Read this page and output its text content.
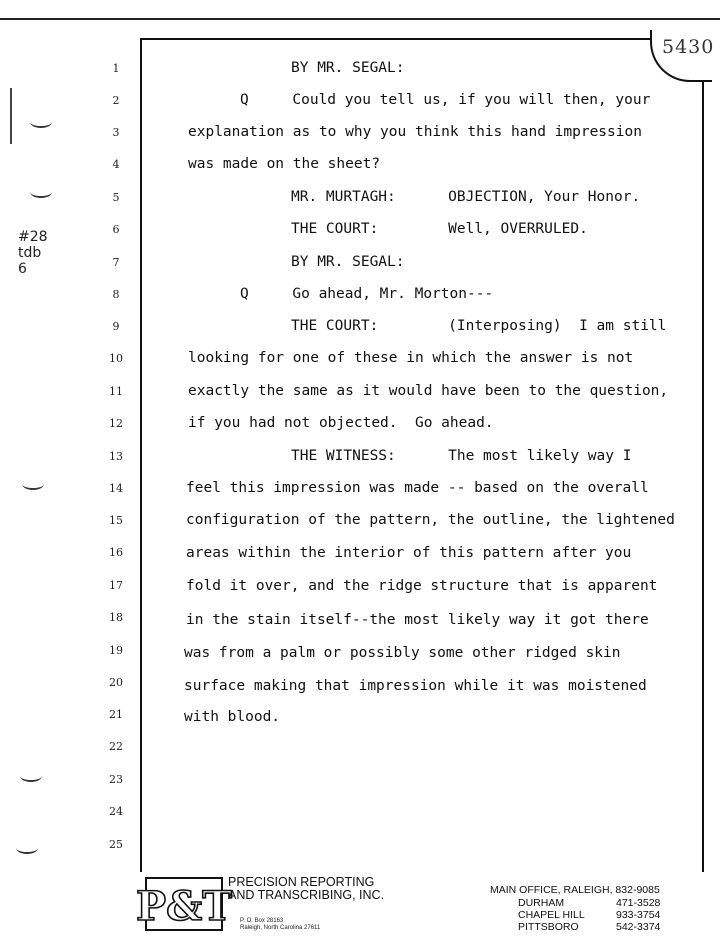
5430
#28
tdb
6
1
2
3
4
5
6
7
8
9
10
11
12
13
14
15
16
17
18
19
20
21
22
23
24
25
BY MR. SEGAL:
Q     Could you tell us, if you will then, your
explanation as to why you think this hand impression
was made on the sheet?
MR. MURTAGH:      OBJECTION, Your Honor.
THE COURT:        Well, OVERRULED.
BY MR. SEGAL:
Q     Go ahead, Mr. Morton---
THE COURT:        (Interposing)  I am still
looking for one of these in which the answer is not
exactly the same as it would have been to the question,
if you had not objected.  Go ahead.
THE WITNESS:      The most likely way I
feel this impression was made -- based on the overall
configuration of the pattern, the outline, the lightened
areas within the interior of this pattern after you
fold it over, and the ridge structure that is apparent
in the stain itself--the most likely way it got there
was from a palm or possibly some other ridged skin
surface making that impression while it was moistened
with blood.
P&T
PRECISION REPORTING
AND TRANSCRIBING, INC.
P. O. Box 28163
Raleigh, North Carolina 27611
MAIN OFFICE, RALEIGH, 832-9085
DURHAM	471-3528
CHAPEL HILL	933-3754
PITTSBORO	542-3374
